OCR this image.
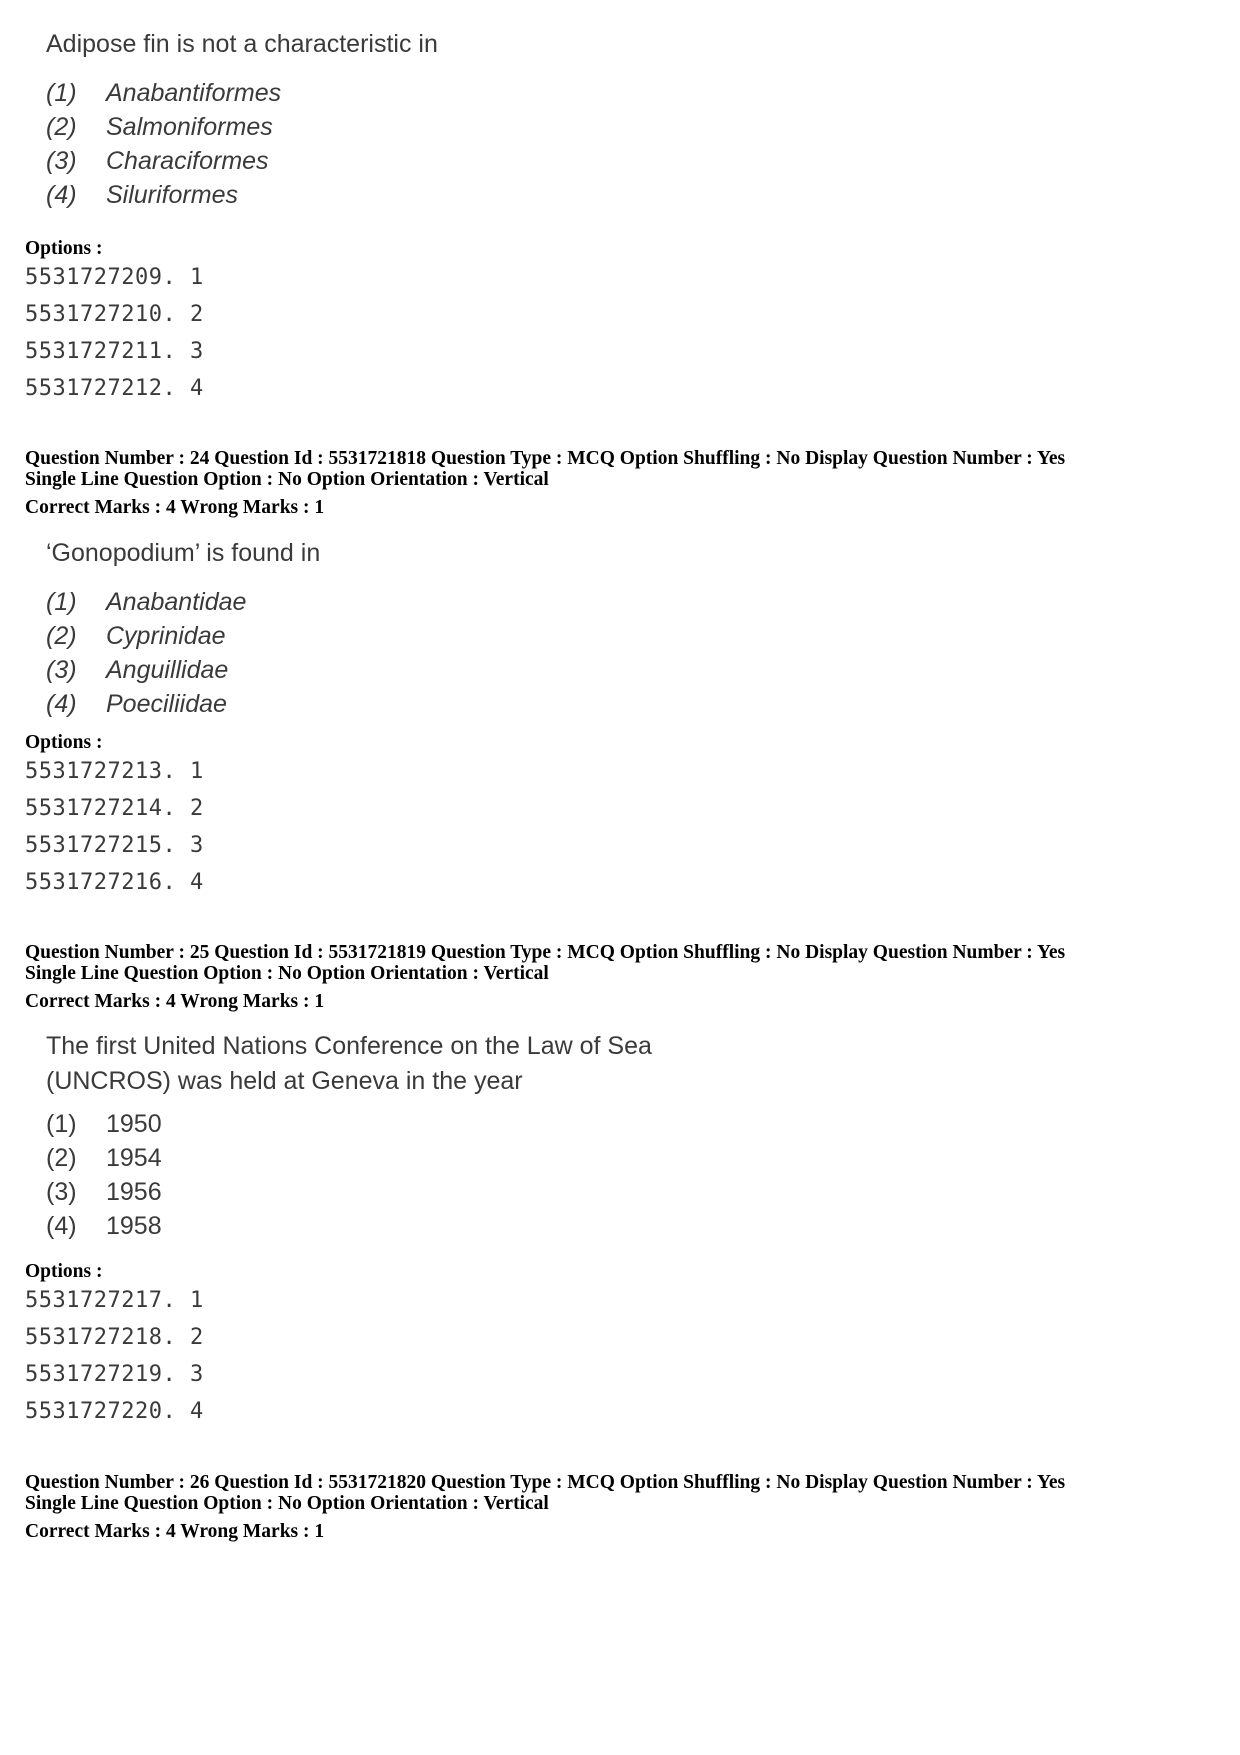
Adipose fin is not a characteristic in
(1) Anabantiformes
(2) Salmoniformes
(3) Characiformes
(4) Siluriformes
Options :
5531727209. 1
5531727210. 2
5531727211. 3
5531727212. 4
Question Number : 24 Question Id : 5531721818 Question Type : MCQ Option Shuffling : No Display Question Number : Yes
Single Line Question Option : No Option Orientation : Vertical
Correct Marks : 4 Wrong Marks : 1
‘Gonopodium’ is found in
(1) Anabantidae
(2) Cyprinidae
(3) Anguillidae
(4) Poeciliidae
Options :
5531727213. 1
5531727214. 2
5531727215. 3
5531727216. 4
Question Number : 25 Question Id : 5531721819 Question Type : MCQ Option Shuffling : No Display Question Number : Yes
Single Line Question Option : No Option Orientation : Vertical
Correct Marks : 4 Wrong Marks : 1
The first United Nations Conference on the Law of Sea
(UNCROS) was held at Geneva in the year
(1) 1950
(2) 1954
(3) 1956
(4) 1958
Options :
5531727217. 1
5531727218. 2
5531727219. 3
5531727220. 4
Question Number : 26 Question Id : 5531721820 Question Type : MCQ Option Shuffling : No Display Question Number : Yes
Single Line Question Option : No Option Orientation : Vertical
Correct Marks : 4 Wrong Marks : 1
